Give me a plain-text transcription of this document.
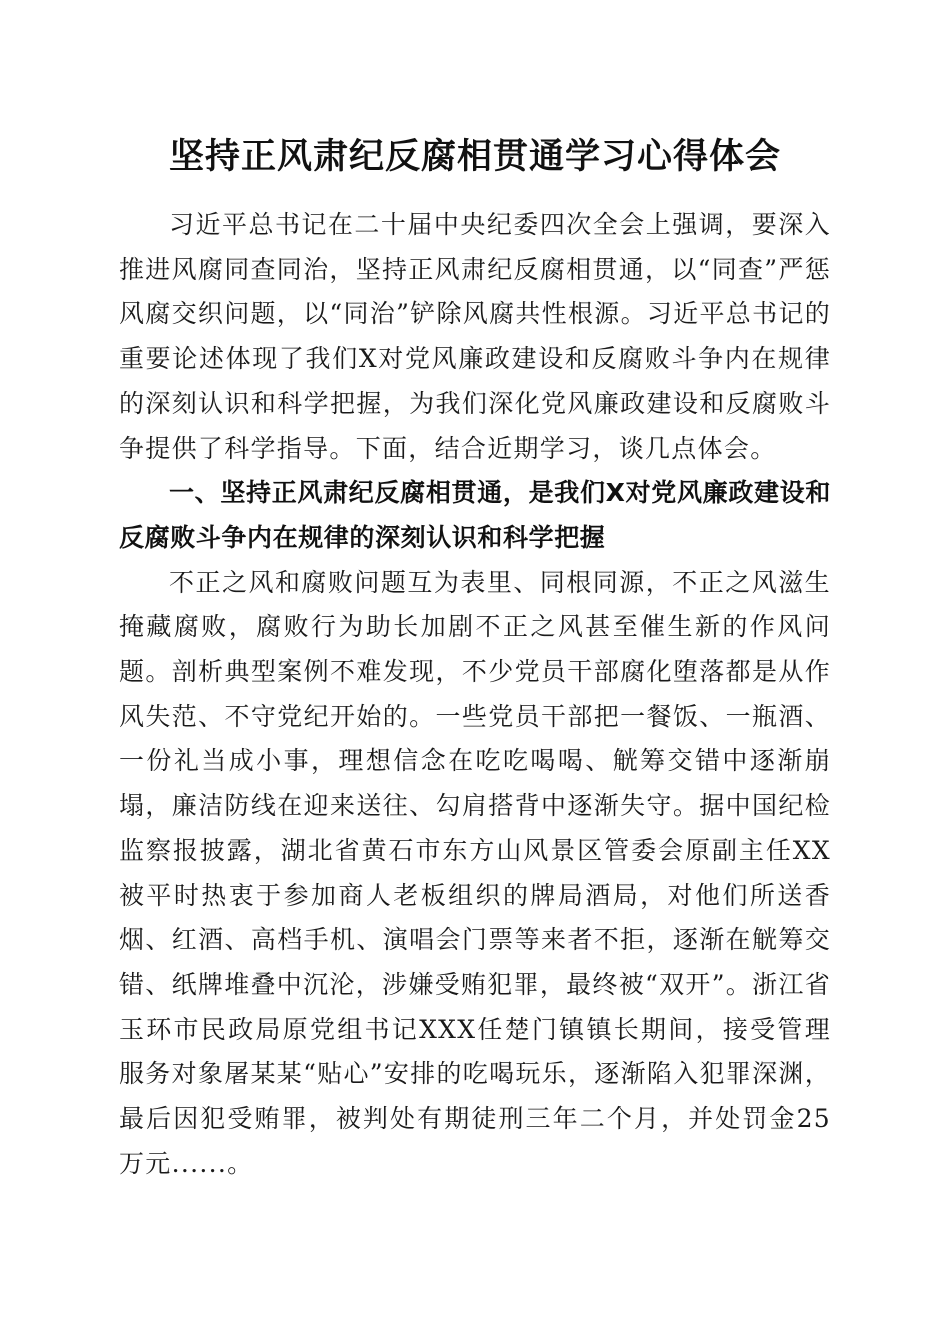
坚持正风肃纪反腐相贯通学习心得体会

习近平总书记在二十届中央纪委四次全会上强调，要深入推进风腐同查同治，坚持正风肃纪反腐相贯通，以“同查”严惩风腐交织问题，以“同治”铲除风腐共性根源。习近平总书记的重要论述体现了我们X对党风廉政建设和反腐败斗争内在规律的深刻认识和科学把握，为我们深化党风廉政建设和反腐败斗争提供了科学指导。下面，结合近期学习，谈几点体会。

一、坚持正风肃纪反腐相贯通，是我们X对党风廉政建设和反腐败斗争内在规律的深刻认识和科学把握

不正之风和腐败问题互为表里、同根同源，不正之风滋生掩藏腐败，腐败行为助长加剧不正之风甚至催生新的作风问题。剖析典型案例不难发现，不少党员干部腐化堕落都是从作风失范、不守党纪开始的。一些党员干部把一餐饭、一瓶酒、一份礼当成小事，理想信念在吃吃喝喝、觥筹交错中逐渐崩塌，廉洁防线在迎来送往、勾肩搭背中逐渐失守。据中国纪检监察报披露，湖北省黄石市东方山风景区管委会原副主任XX被平时热衷于参加商人老板组织的牌局酒局，对他们所送香烟、红酒、高档手机、演唱会门票等来者不拒，逐渐在觥筹交错、纸牌堆叠中沉沦，涉嫌受贿犯罪，最终被“双开”。浙江省玉环市民政局原党组书记XXX任楚门镇镇长期间，接受管理服务对象屠某某“贴心”安排的吃喝玩乐，逐渐陷入犯罪深渊，最后因犯受贿罪，被判处有期徒刑三年二个月，并处罚金25万元......。
